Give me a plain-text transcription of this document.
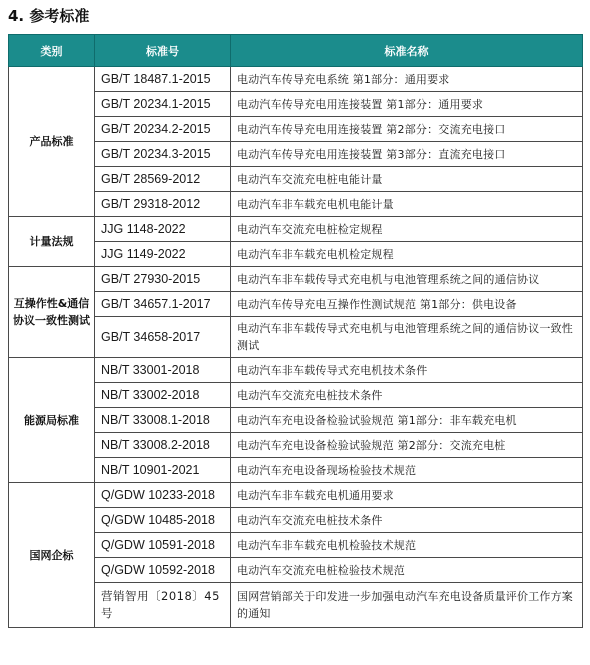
4. 参考标准
类别	标准号	标准名称
产品标准	GB/T 18487.1-2015	电动汽车传导充电系统 第1部分：通用要求
	GB/T 20234.1-2015	电动汽车传导充电用连接装置 第1部分：通用要求
	GB/T 20234.2-2015	电动汽车传导充电用连接装置 第2部分：交流充电接口
	GB/T 20234.3-2015	电动汽车传导充电用连接装置 第3部分：直流充电接口
	GB/T 28569-2012	电动汽车交流充电桩电能计量
	GB/T 29318-2012	电动汽车非车载充电机电能计量
计量法规	JJG 1148-2022	电动汽车交流充电桩检定规程
	JJG 1149-2022	电动汽车非车载充电机检定规程
互操作性&通信协议一致性测试	GB/T 27930-2015	电动汽车非车载传导式充电机与电池管理系统之间的通信协议
	GB/T 34657.1-2017	电动汽车传导充电互操作性测试规范 第1部分：供电设备
	GB/T 34658-2017	电动汽车非车载传导式充电机与电池管理系统之间的通信协议一致性测试
能源局标准	NB/T 33001-2018	电动汽车非车载传导式充电机技术条件
	NB/T 33002-2018	电动汽车交流充电桩技术条件
	NB/T 33008.1-2018	电动汽车充电设备检验试验规范 第1部分：非车载充电机
	NB/T 33008.2-2018	电动汽车充电设备检验试验规范 第2部分：交流充电桩
	NB/T 10901-2021	电动汽车充电设备现场检验技术规范
国网企标	Q/GDW 10233-2018	电动汽车非车载充电机通用要求
	Q/GDW 10485-2018	电动汽车交流充电桩技术条件
	Q/GDW 10591-2018	电动汽车非车载充电机检验技术规范
	Q/GDW 10592-2018	电动汽车交流充电桩检验技术规范
	营销智用〔2018〕45号	国网营销部关于印发进一步加强电动汽车充电设备质量评价工作方案的通知
